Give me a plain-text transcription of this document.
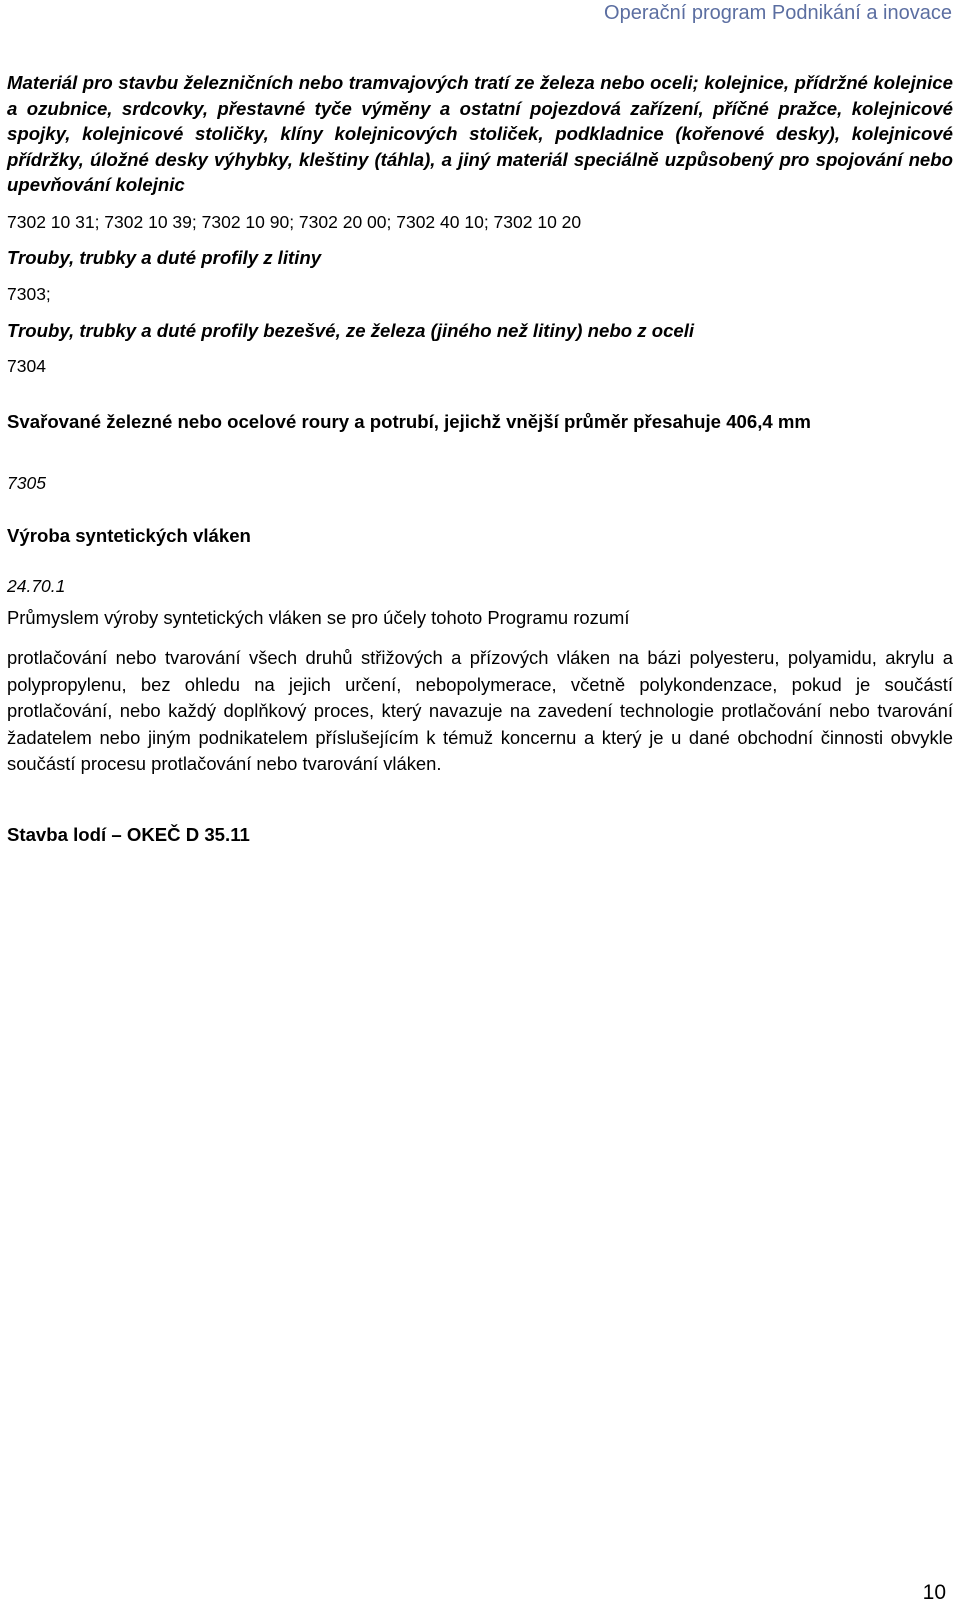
Operační program Podnikání a inovace

Materiál pro stavbu železničních nebo tramvajových tratí ze železa nebo oceli; kolejnice, přídržné kolejnice a ozubnice, srdcovky, přestavné tyče výměny a ostatní pojezdová zařízení, příčné pražce, kolejnicové spojky, kolejnicové stoličky, klíny kolejnicových stoliček, podkladnice (kořenové desky), kolejnicové přídržky, úložné desky výhybky, kleštiny (táhla), a jiný materiál speciálně uzpůsobený pro spojování nebo upevňování kolejnic

7302 10 31; 7302 10 39; 7302 10 90; 7302 20 00; 7302 40 10; 7302 10 20

Trouby, trubky a duté profily z litiny

7303;

Trouby, trubky a duté profily bezešvé, ze železa (jiného než litiny) nebo z oceli

7304

Svařované železné nebo ocelové roury a potrubí, jejichž vnější průměr přesahuje 406,4 mm

7305

Výroba syntetických vláken

24.70.1

Průmyslem výroby syntetických vláken se pro účely tohoto Programu rozumí

protlačování nebo tvarování všech druhů střižových a přízových vláken na bázi polyesteru, polyamidu, akrylu a polypropylenu, bez ohledu na jejich určení, nebopolymerace, včetně polykondenzace, pokud je součástí protlačování, nebo každý doplňkový proces, který navazuje na zavedení technologie protlačování nebo tvarování žadatelem nebo jiným podnikatelem příslušejícím k témuž koncernu a který je u dané obchodní činnosti obvykle součástí procesu protlačování nebo tvarování vláken.

Stavba lodí – OKEČ D 35.11

10
